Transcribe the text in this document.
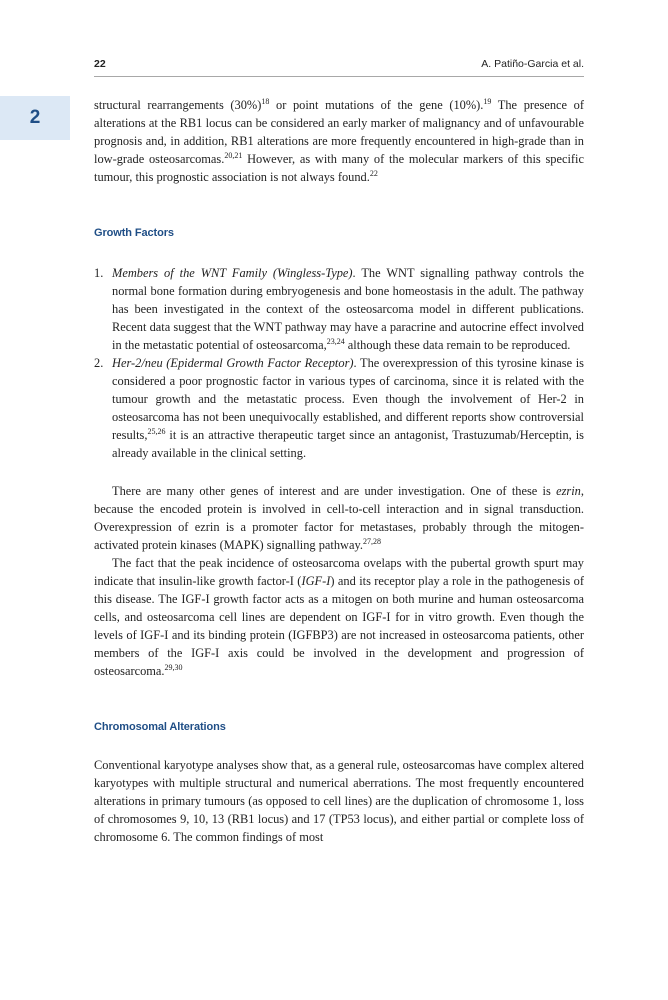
22	A. Patiño-Garcia et al.
2

structural rearrangements $(30\%)^{18}$ or point mutations of the gene (10%).$^{19}$ The presence of alterations at the RB1 locus can be considered an early marker of malignancy and of unfavourable prognosis and, in addition, RB1 alterations are more frequently encountered in high-grade than in low-grade osteosarcomas.$^{20,21}$ However, as with many of the molecular markers of this specific tumour, this prognostic association is not always found.$^{22}$

Growth Factors
1. Members of the WNT Family (Wingless-Type). The WNT signalling pathway controls the normal bone formation during embryogenesis and bone homeostasis in the adult. The pathway has been investigated in the context of the osteosarcoma model in different publications. Recent data suggest that the WNT pathway may have a paracrine and autocrine effect involved in the metastatic potential of osteosarcoma,$^{23,24}$ although these data remain to be reproduced.
2. Her-2/neu (Epidermal Growth Factor Receptor). The overexpression of this tyrosine kinase is considered a poor prognostic factor in various types of carcinoma, since it is related with the tumour growth and the metastatic process. Even though the involvement of Her-2 in osteosarcoma has not been unequivocally established, and different reports show controversial results,$^{25,26}$ it is an attractive therapeutic target since an antagonist, Trastuzumab/Herceptin, is already available in the clinical setting.

There are many other genes of interest and are under investigation. One of these is ezrin, because the encoded protein is involved in cell-to-cell interaction and in signal transduction. Overexpression of ezrin is a promoter factor for metastases, probably through the mitogen-activated protein kinases (MAPK) signalling pathway.$^{27,28}$

The fact that the peak incidence of osteosarcoma ovelaps with the pubertal growth spurt may indicate that insulin-like growth factor-I (IGF-I) and its receptor play a role in the pathogenesis of this disease. The IGF-I growth factor acts as a mitogen on both murine and human osteosarcoma cells, and osteosarcoma cell lines are dependent on IGF-I for in vitro growth. Even though the levels of IGF-I and its binding protein (IGFBP3) are not increased in osteosarcoma patients, other members of the IGF-I axis could be involved in the development and progression of osteosarcoma.$^{29,30}$

Chromosomal Alterations

Conventional karyotype analyses show that, as a general rule, osteosarcomas have complex altered karyotypes with multiple structural and numerical aberrations. The most frequently encountered alterations in primary tumours (as opposed to cell lines) are the duplication of chromosome 1, loss of chromosomes 9, 10, 13 (RB1 locus) and 17 (TP53 locus), and either partial or complete loss of chromosome 6. The common findings of most
